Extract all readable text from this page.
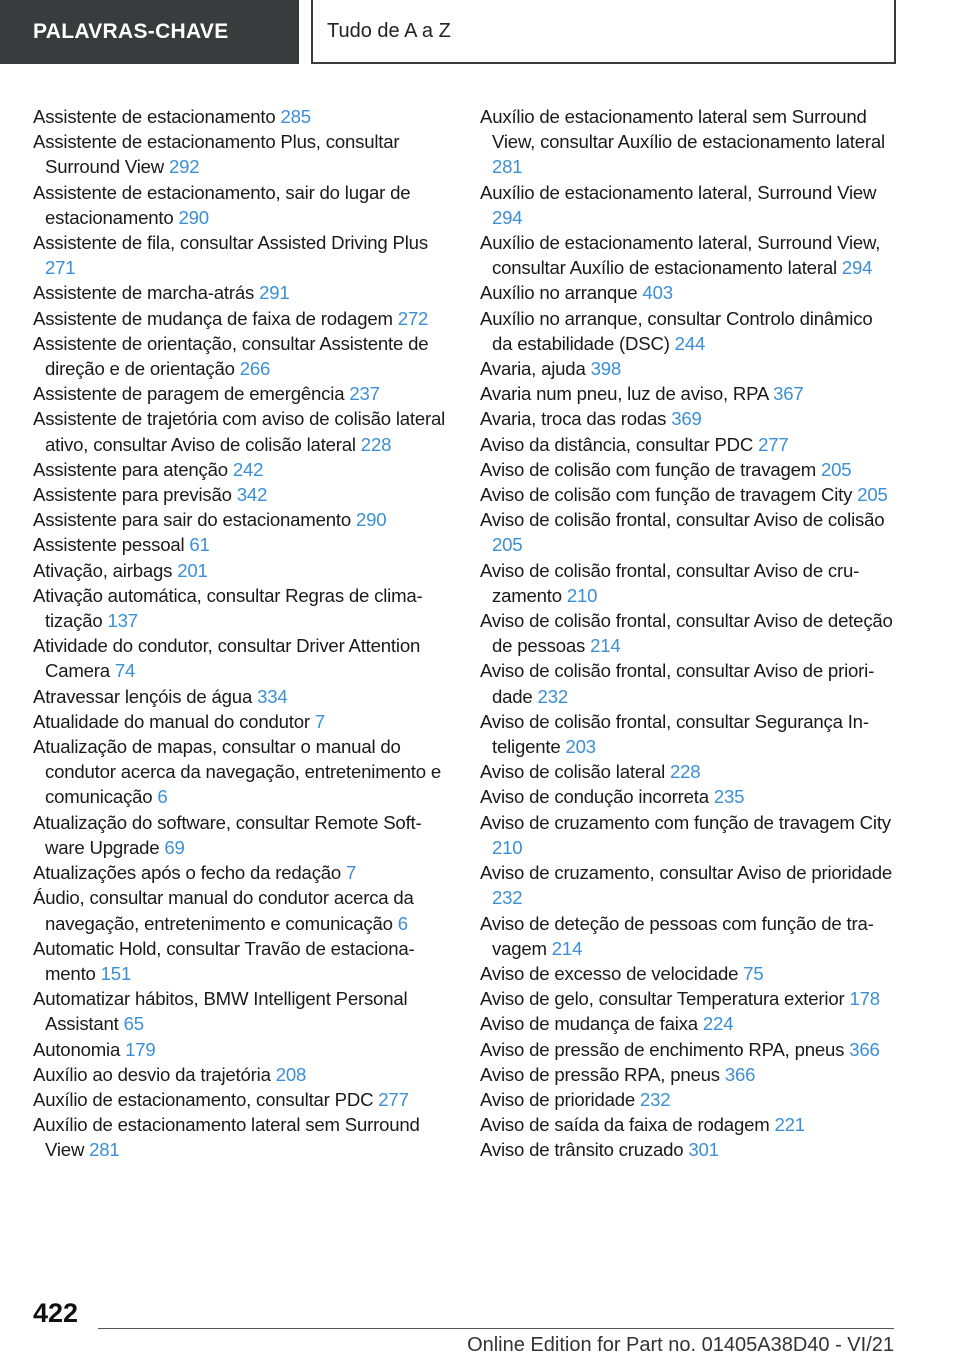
PALAVRAS-CHAVE	Tudo de A a Z
Assistente de estacionamento 285
Assistente de estacionamento Plus, consultar Surround View 292
Assistente de estacionamento, sair do lugar de estacionamento 290
Assistente de fila, consultar Assisted Driving Plus 271
Assistente de marcha-atrás 291
Assistente de mudança de faixa de rodagem 272
Assistente de orientação, consultar Assistente de direção e de orientação 266
Assistente de paragem de emergência 237
Assistente de trajetória com aviso de colisão lateral ativo, consultar Aviso de colisão lateral 228
Assistente para atenção 242
Assistente para previsão 342
Assistente para sair do estacionamento 290
Assistente pessoal 61
Ativação, airbags 201
Ativação automática, consultar Regras de climatização 137
Atividade do condutor, consultar Driver Attention Camera 74
Atravessar lençóis de água 334
Atualidade do manual do condutor 7
Atualização de mapas, consultar o manual do condutor acerca da navegação, entretenimento e comunicação 6
Atualização do software, consultar Remote Software Upgrade 69
Atualizações após o fecho da redação 7
Áudio, consultar manual do condutor acerca da navegação, entretenimento e comunicação 6
Automatic Hold, consultar Travão de estacionamento 151
Automatizar hábitos, BMW Intelligent Personal Assistant 65
Autonomia 179
Auxílio ao desvio da trajetória 208
Auxílio de estacionamento, consultar PDC 277
Auxílio de estacionamento lateral sem Surround View 281
Auxílio de estacionamento lateral sem Surround View, consultar Auxílio de estacionamento lateral 281
Auxílio de estacionamento lateral, Surround View 294
Auxílio de estacionamento lateral, Surround View, consultar Auxílio de estacionamento lateral 294
Auxílio no arranque 403
Auxílio no arranque, consultar Controlo dinâmico da estabilidade (DSC) 244
Avaria, ajuda 398
Avaria num pneu, luz de aviso, RPA 367
Avaria, troca das rodas 369
Aviso da distância, consultar PDC 277
Aviso de colisão com função de travagem 205
Aviso de colisão com função de travagem City 205
Aviso de colisão frontal, consultar Aviso de colisão 205
Aviso de colisão frontal, consultar Aviso de cruzamento 210
Aviso de colisão frontal, consultar Aviso de deteção de pessoas 214
Aviso de colisão frontal, consultar Aviso de prioridade 232
Aviso de colisão frontal, consultar Segurança Inteligente 203
Aviso de colisão lateral 228
Aviso de condução incorreta 235
Aviso de cruzamento com função de travagem City 210
Aviso de cruzamento, consultar Aviso de prioridade 232
Aviso de deteção de pessoas com função de travagem 214
Aviso de excesso de velocidade 75
Aviso de gelo, consultar Temperatura exterior 178
Aviso de mudança de faixa 224
Aviso de pressão de enchimento RPA, pneus 366
Aviso de pressão RPA, pneus 366
Aviso de prioridade 232
Aviso de saída da faixa de rodagem 221
Aviso de trânsito cruzado 301
422
Online Edition for Part no. 01405A38D40 - VI/21
